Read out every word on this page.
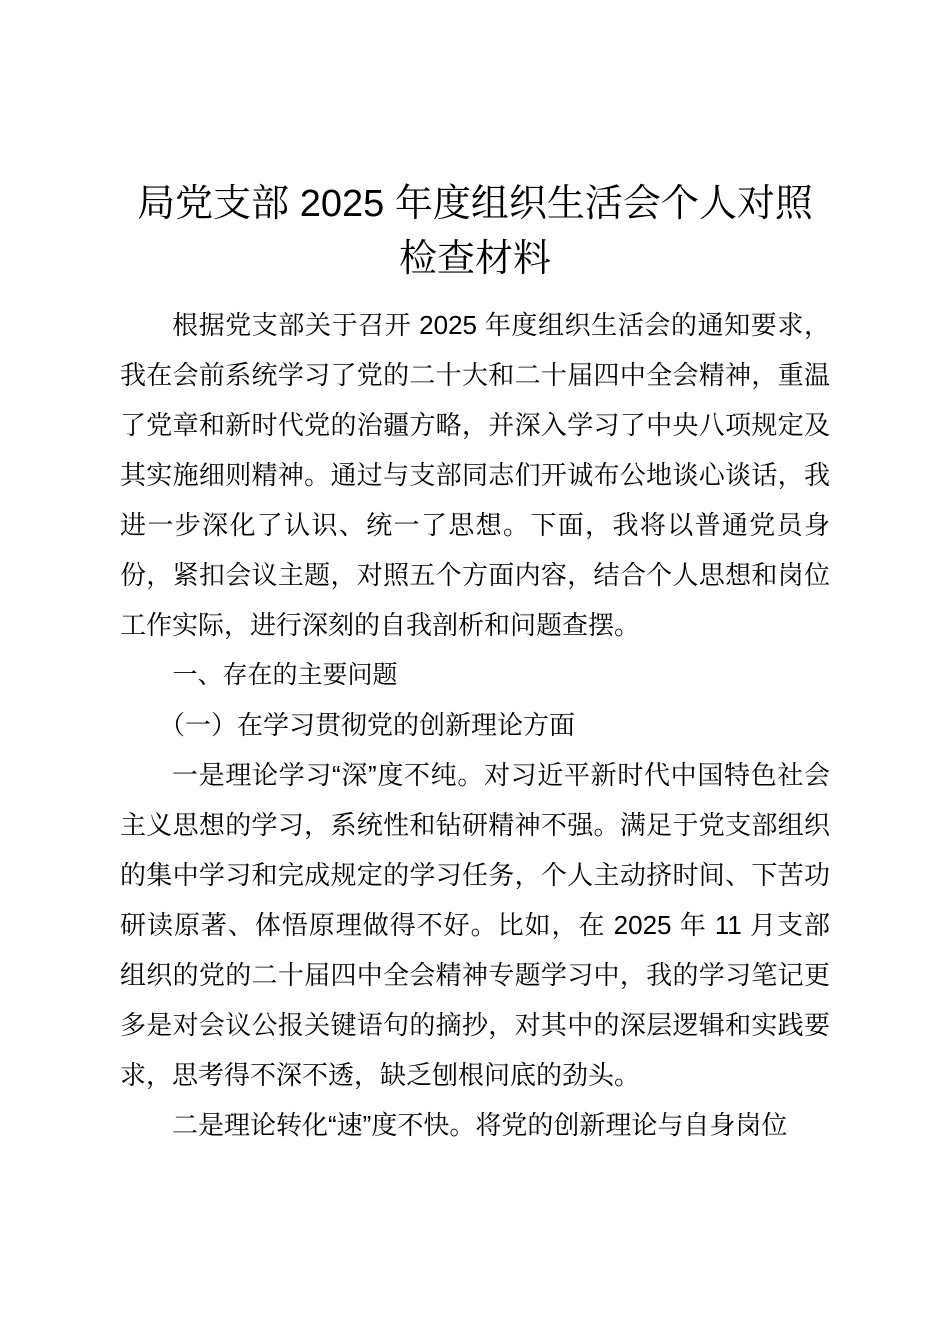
局党支部 2025 年度组织生活会个人对照检查材料

根据党支部关于召开 2025 年度组织生活会的通知要求，我在会前系统学习了党的二十大和二十届四中全会精神，重温了党章和新时代党的治疆方略，并深入学习了中央八项规定及其实施细则精神。通过与支部同志们开诚布公地谈心谈话，我进一步深化了认识、统一了思想。下面，我将以普通党员身份，紧扣会议主题，对照五个方面内容，结合个人思想和岗位工作实际，进行深刻的自我剖析和问题查摆。

一、存在的主要问题
（一）在学习贯彻党的创新理论方面

一是理论学习“深”度不纯。对习近平新时代中国特色社会主义思想的学习，系统性和钻研精神不强。满足于党支部组织的集中学习和完成规定的学习任务，个人主动挤时间、下苦功研读原著、体悟原理做得不好。比如，在 2025 年 11 月支部组织的党的二十届四中全会精神专题学习中，我的学习笔记更多是对会议公报关键语句的摘抄，对其中的深层逻辑和实践要求，思考得不深不透，缺乏刨根问底的劲头。

二是理论转化“速”度不快。将党的创新理论与自身岗位
